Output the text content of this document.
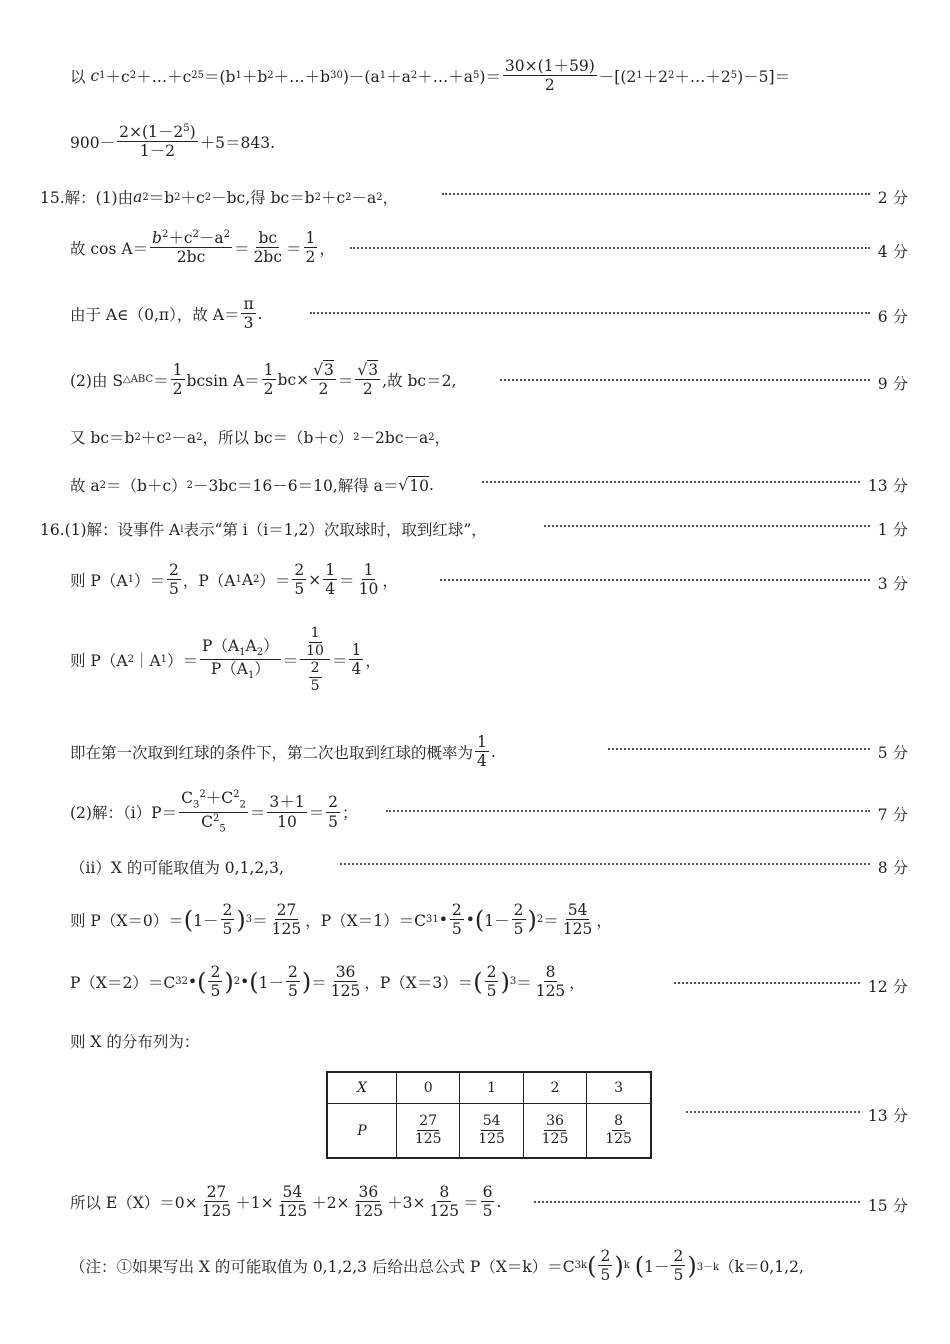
以
c 1 ＋c 2 ＋…＋c 25 ＝(b 1 ＋b 2 ＋…＋b 30 )－(a 1 ＋a 2 ＋…＋a 5 )＝
30×(1＋59)
2	－[(2 1 ＋2 2 ＋…＋2 5 )－5]＝
900－
$2\times(1-2^5)$
1－2 ＋5＝843.
15.解：(1)由 a 2 ＝b 2 ＋c 2 －bc,得 bc＝b 2 ＋c 2 －a 2 ，	2 分
故 cos A＝
$b^2+c^2-a^2$
2bc ＝
bc
2bc ＝
1
2 ，	4 分
由于 A∈（0,π），故 A＝
π
3
.	6 分
(2)由 S △ABC ＝
1
2 bcsin A＝
1
2
$bc\times \frac{√3}{2}$ ＝
√3
2 ,故 bc＝2,	9 分
又 bc＝b 2 ＋c 2 －a 2 ，所以 bc＝（b＋c） 2 －2bc－a 2 ，
故 a 2 ＝（b＋c） 2 －3bc＝16－6＝10,解得 a＝ √ 10 .	13 分
16.(1)解：设事件 A i 表示“第 i（i＝1,2）次取球时，取到红球”，	1 分
则 P（A 1 ）＝
2
5 ，P（A 1 A 2 ）＝ $\frac{2}{5} \times \frac{1}{4}$ ＝
1
10 ，	3 分
则 P（A 2 ｜A 1 ）＝
$P(A_1A_2)$
$P(A_1)$ ＝
$\frac{1}{10}$
$\frac{2}{5}$
＝
1
4 ，
即在第一次取到红球的条件下，第二次也取到红球的概率为
1
4
.	5 分
(2)解：（ⅰ）P＝
$C_3^2+C^2_2$
$C^2_5$
＝
3＋1
10 ＝
2
5 ；	7 分
（ⅱ）X 的可能取值为 0,1,2,3,	8 分
则 P（X＝0）＝ ( 1－
2
5 ) 3 ＝
27
125 ，P（X＝1）＝C 3 1 •
2
5
• ( 1－
2
5 ) 2 ＝
54
125 ，
P（X＝2）＝C 3 2 • ( 2
5 ) 2 • ( 1－
2
5 ) ＝
36
125 ，P（X＝3）＝ ( 2
5 ) 3 ＝
8
125 ，	12 分
则 X 的分布列为：
X	0	1	2	3
P	$\frac{27}{125}$	$\frac{54}{125}$	$\frac{36}{125}$	$\frac{8}{125}$	13 分
所以 $E(X)=0\times \frac{27}{125} +1\times \frac{54}{125} +2\times \frac{36}{125} +3\times \frac{8}{125}$ ＝
6
5
.	15 分
（注：①如果写出 X 的可能取值为 0,1,2,3 后给出总公式 P（X＝k）＝C 3 k ( 2
5 ) k
( 1－
2
5 ) 3－k （k＝0,1,2,
